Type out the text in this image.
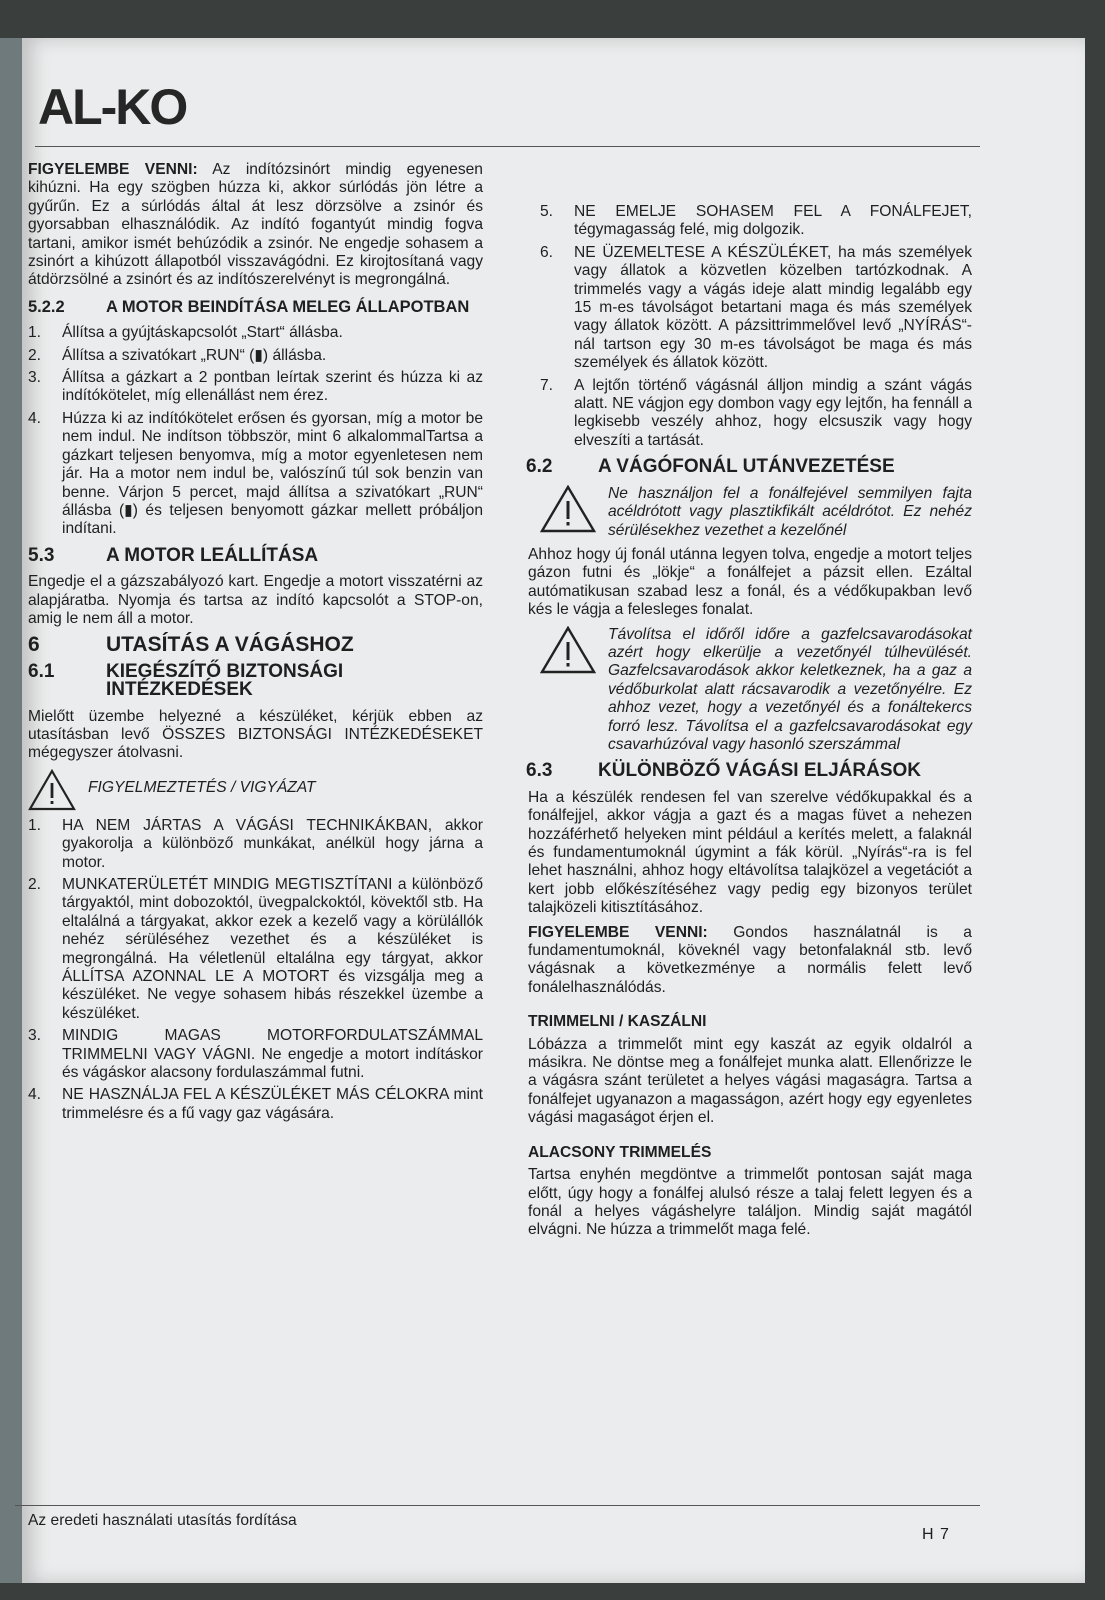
AL-KO

FIGYELEMBE VENNI: Az indítózsinórt mindig egyenesen kihúzni. Ha egy szögben húzza ki, akkor súrlódás jön létre a gyűrűn. Ez a súrlódás által át lesz dörzsölve a zsinór és gyorsabban elhasználódik. Az indító fogantyút mindig fogva tartani, amikor ismét behúzódik a zsinór. Ne engedje sohasem a zsinórt a kihúzott állapotból visszavágódni. Ez kirojtosítaná vagy átdörzsölné a zsinórt és az indítószerelvényt is megrongálná.

5.2.2	A MOTOR BEINDÍTÁSA MELEG ÁLLAPOTBAN
1.	Állítsa a gyújtáskapcsolót „Start“ állásba.
2.	Állítsa a szivatókart „RUN“ (▮) állásba.
3.	Állítsa a gázkart a 2 pontban leírtak szerint és húzza ki az indítókötelet, míg ellenállást nem érez.
4.	Húzza ki az indítókötelet erősen és gyorsan, míg a motor be nem indul. Ne indítson többször, mint 6 alkalommalTartsa a gázkart teljesen benyomva, míg a motor egyenletesen nem jár. Ha a motor nem indul be, valószínű túl sok benzin van benne. Várjon 5 percet, majd állítsa a szivatókart „RUN“ állásba (▮) és teljesen benyomott gázkar mellett próbáljon indítani.
5.3	A MOTOR LEÁLLÍTÁSA

Engedje el a gázszabályozó kart. Engedje a motort visszatérni az alapjáratba. Nyomja és tartsa az indító kapcsolót a STOP-on, amig le nem áll a motor.

6	UTASÍTÁS A VÁGÁSHOZ
6.1	KIEGÉSZÍTŐ BIZTONSÁGI INTÉZKEDÉSEK

Mielőtt üzembe helyezné a készüléket, kérjük ebben az utasításban levő ÖSSZES BIZTONSÁGI INTÉZKEDÉSEKET mégegyszer átolvasni.

FIGYELMEZTETÉS / VIGYÁZAT
1.	HA NEM JÁRTAS A VÁGÁSI TECHNIKÁKBAN, akkor gyakorolja a különböző munkákat, anélkül hogy járna a motor.
2.	MUNKATERÜLETÉT MINDIG MEGTISZTÍTANI a különböző tárgyaktól, mint dobozoktól, üvegpalckoktól, kövektől stb. Ha eltalálná a tárgyakat, akkor ezek a kezelő vagy a körülállók nehéz sérüléséhez vezethet és a készüléket is megrongálná. Ha véletlenül eltalálna egy tárgyat, akkor ÁLLÍTSA AZONNAL LE A MOTORT és vizsgálja meg a készüléket. Ne vegye sohasem hibás részekkel üzembe a készüléket.
3.	MINDIG MAGAS MOTORFORDULATSZÁMMAL TRIMMELNI VAGY VÁGNI. Ne engedje a motort indításkor és vágáskor alacsony fordulaszámmal futni.
4.	NE HASZNÁLJA FEL A KÉSZÜLÉKET MÁS CÉLOKRA mint trimmelésre és a fű vagy gaz vágására.
5.	NE EMELJE SOHASEM FEL A FONÁLFEJET, tégymagasság felé, mig dolgozik.
6.	NE ÜZEMELTESE A KÉSZÜLÉKET, ha más személyek vagy állatok a közvetlen közelben tartózkodnak. A trimmelés vagy a vágás ideje alatt mindig legalább egy 15 m-es távolságot betartani maga és más személyek vagy állatok között. A pázsittrimmelővel levő „NYÍRÁS“-nál tartson egy 30 m-es távolságot be maga és más személyek és állatok között.
7.	A lejtőn történő vágásnál álljon mindig a szánt vágás alatt. NE vágjon egy dombon vagy egy lejtőn, ha fennáll a legkisebb veszély ahhoz, hogy elcsuszik vagy hogy elveszíti a tartását.
6.2	A VÁGÓFONÁL UTÁNVEZETÉSE
Ne használjon fel a fonálfejével semmilyen fajta acéldrótott vagy plasztikfikált acéldrótot. Ez nehéz sérülésekhez vezethet a kezelőnél

Ahhoz hogy új fonál utánna legyen tolva, engedje a motort teljes gázon futni és „lökje“ a fonálfejet a pázsit ellen. Ezáltal autómatikusan szabad lesz a fonál, és a védőkupakban levő kés le vágja a felesleges fonalat.

Távolítsa el időről időre a gazfelcsavarodásokat azért hogy elkerülje a vezetőnyél túlhevülését. Gazfelcsavarodások akkor keletkeznek, ha a gaz a védőburkolat alatt rácsavarodik a vezetőnyélre. Ez ahhoz vezet, hogy a vezetőnyél és a fonáltekercs forró lesz. Távolítsa el a gazfelcsavarodásokat egy csavarhúzóval vagy hasonló szerszámmal
6.3	KÜLÖNBÖZŐ VÁGÁSI ELJÁRÁSOK

Ha a készülék rendesen fel van szerelve védőkupakkal és a fonálfejjel, akkor vágja a gazt és a magas füvet a nehezen hozzáférhető helyeken mint például a kerítés melett, a falaknál és fundamentumoknál úgymint a fák körül. „Nyírás“-ra is fel lehet használni, ahhoz hogy eltávolítsa talajközel a vegetációt a kert jobb előkészítéséhez vagy pedig egy bizonyos terület talajközeli kitisztításához.

FIGYELEMBE VENNI: Gondos használatnál is a fundamentumoknál, köveknél vagy betonfalaknál stb. levő vágásnak a következménye a normális felett levő fonálelhasználódás.

TRIMMELNI / KASZÁLNI

Lóbázza a trimmelőt mint egy kaszát az egyik oldalról a másikra. Ne döntse meg a fonálfejet munka alatt. Ellenőrizze le a vágásra szánt területet a helyes vágási magaságra. Tartsa a fonálfejet ugyanazon a magasságon, azért hogy egy egyenletes vágási magaságot érjen el.

ALACSONY TRIMMELÉS

Tartsa enyhén megdöntve a trimmelőt pontosan saját maga előtt, úgy hogy a fonálfej alulsó része a talaj felett legyen és a fonál a helyes vágáshelyre találjon. Mindig saját magától elvágni. Ne húzza a trimmelőt maga felé.

Az eredeti használati utasítás fordítása
H 7
